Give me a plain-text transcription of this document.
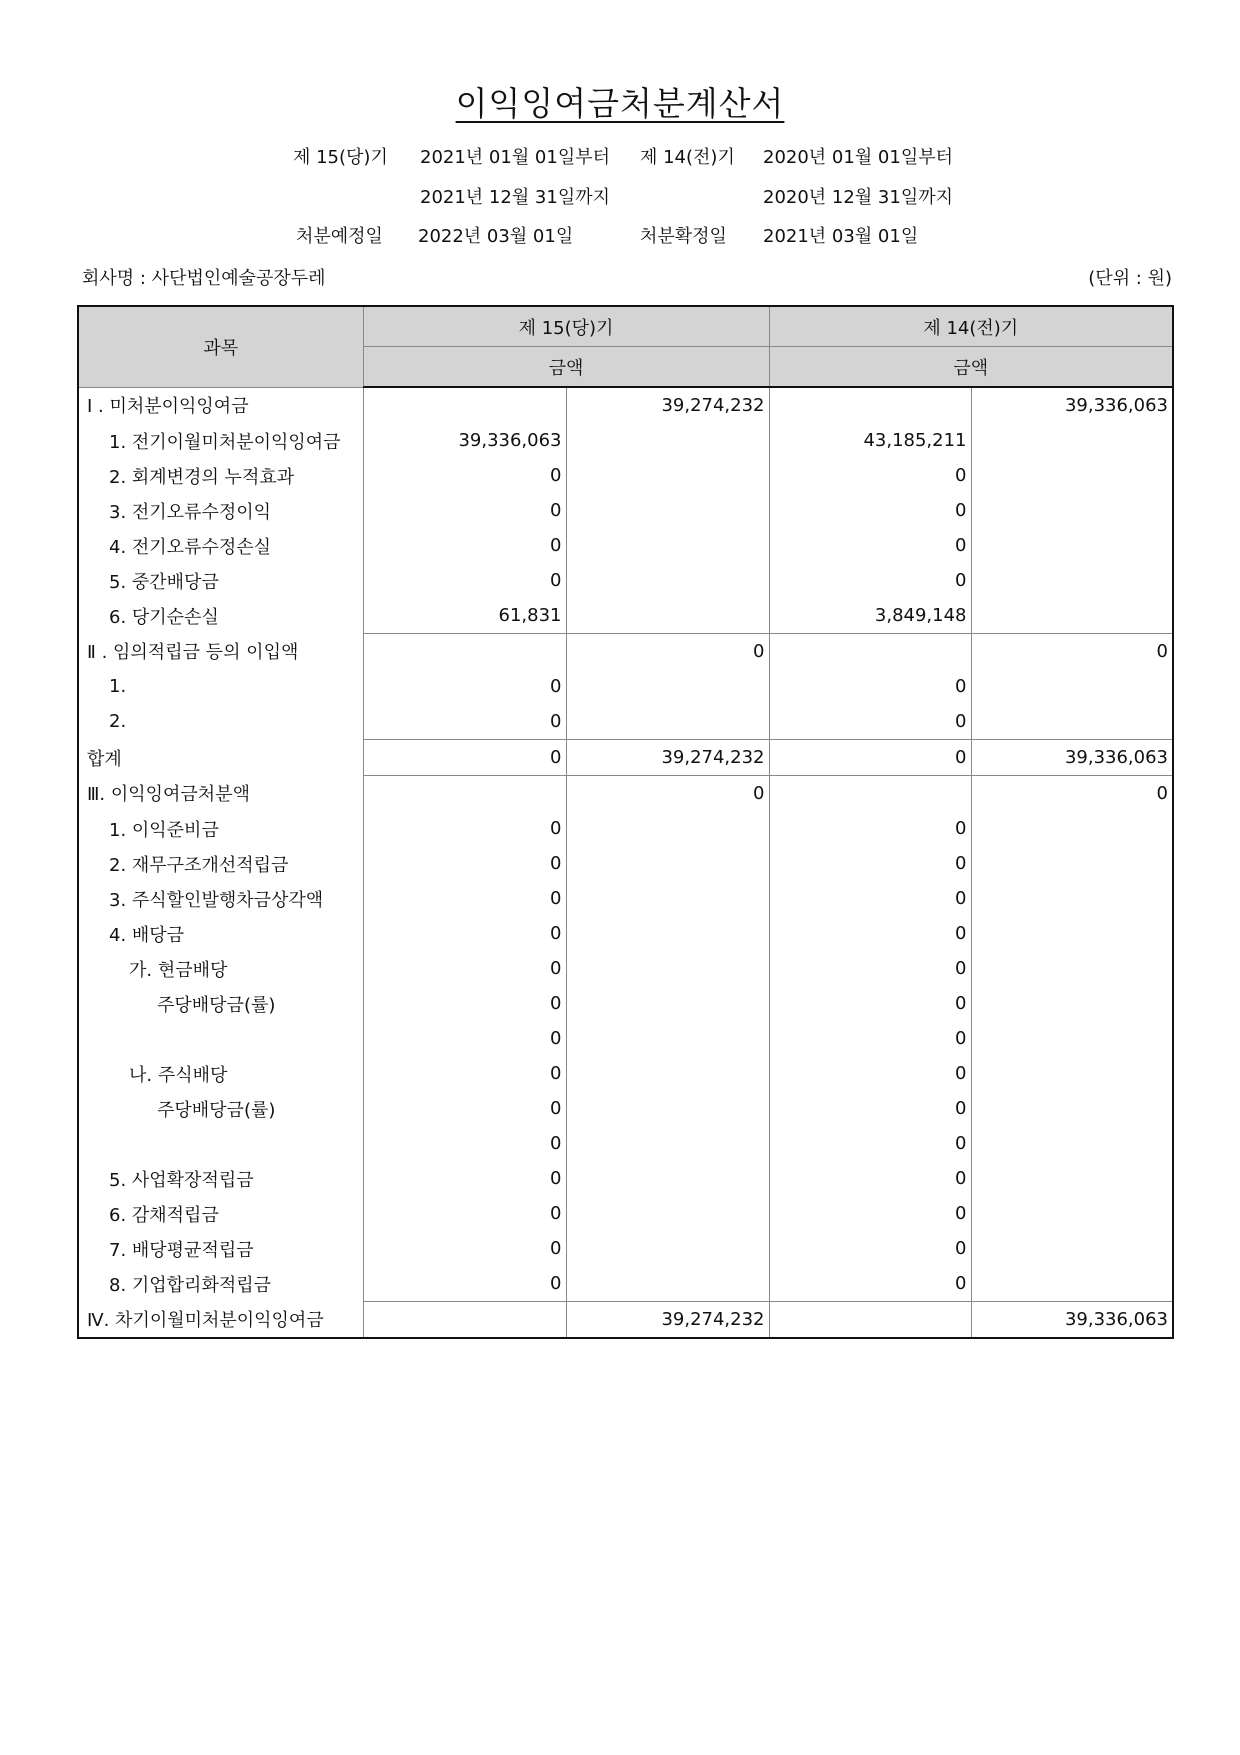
이익잉여금처분계산서
제 15(당)기 2021년 01월 01일부터 제 14(전)기 2020년 01월 01일부터
2021년 12월 31일까지	2020년 12월 31일까지
처분예정일 2022년 03월 01일	처분확정일 2021년 03월 01일
회사명 : 사단법인예술공장두레	(단위 : 원)
과목	제 15(당)기		제 14(전)기	
	금액		금액	
Ⅰ . 미처분이익잉여금		39,274,232		39,336,063
1. 전기이월미처분이익잉여금	39,336,063		43,185,211	
2. 회계변경의 누적효과	0		0	
3. 전기오류수정이익	0		0	
4. 전기오류수정손실	0		0	
5. 중간배당금	0		0	
6. 당기순손실	61,831		3,849,148	
Ⅱ . 임의적립금 등의 이입액		0		0
1.	0		0	
2.	0		0	
합계	0	39,274,232	0	39,336,063
Ⅲ. 이익잉여금처분액		0		0
1. 이익준비금	0		0	
2. 재무구조개선적립금	0		0	
3. 주식할인발행차금상각액	0		0	
4. 배당금	0		0	
가. 현금배당	0		0	
주당배당금(률)	0		0	
	0		0	
나. 주식배당	0		0	
주당배당금(률)	0		0	
	0		0	
5. 사업확장적립금	0		0	
6. 감채적립금	0		0	
7. 배당평균적립금	0		0	
8. 기업합리화적립금	0		0	
Ⅳ. 차기이월미처분이익잉여금		39,274,232		39,336,063
